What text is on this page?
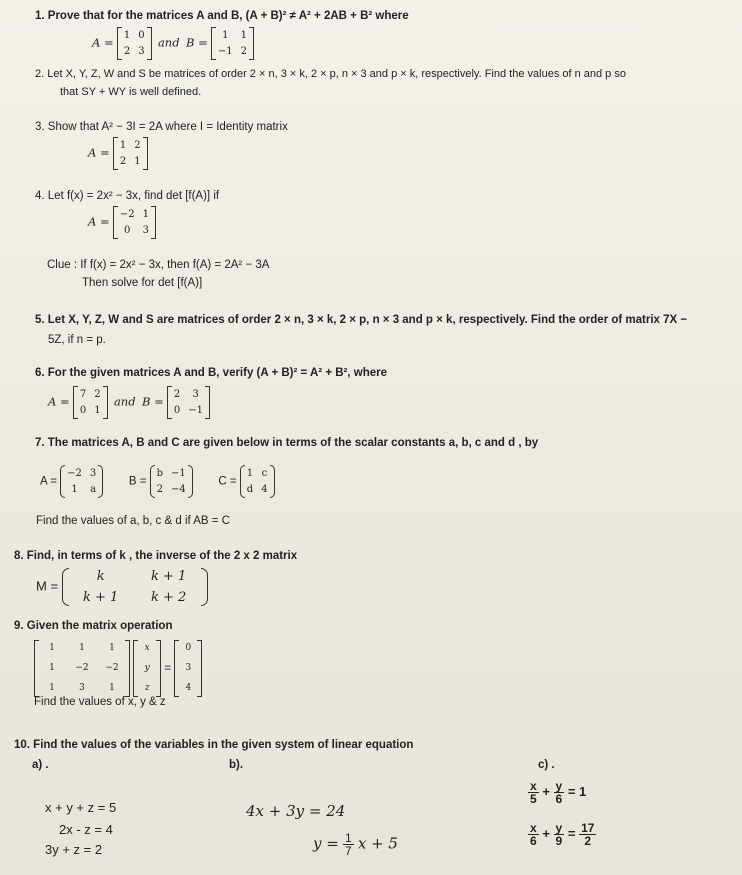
1. Prove that for the matrices A and B, (A + B)² ≠ A² + 2AB + B² where
A =
1 0
2 3
and B =
1	1
−1 2
2. Let X, Y, Z, W and S be matrices of order 2 × n, 3 × k, 2 × p, n × 3 and p × k, respectively. Find the values of n and p so
that SY + WY is well defined.
3. Show that A² − 3I = 2A where I = Identity matrix
A =
1 2
2 1
4. Let f(x) = 2x² − 3x, find det [f(A)] if
A =
−2 1
0	3
Clue : If f(x) = 2x² − 3x, then f(A) = 2A² − 3A
Then solve for det [f(A)]
5. Let X, Y, Z, W and S are matrices of order 2 × n, 3 × k, 2 × p, n × 3 and p × k, respectively. Find the order of matrix 7X −
5Z, if n = p.
6. For the given matrices A and B, verify (A + B)² = A² + B², where
A =
7 2
0 1
and B =
2	3
0 −1
7. The matrices A, B and C are given below in terms of the scalar constants a, b, c and d , by
A =
−2 3
1	a
B =
b −1
2 −4
C =
1 c
d 4
Find the values of a, b, c & d if AB = C
8. Find, in terms of k , the inverse of the 2 x 2 matrix
M =
k	k + 1
k + 1	k + 2
9. Given the matrix operation
1	1	1
1	−2	−2
1	3	1

x
y
z
=
0
3
4
Find the values of x, y & z
10. Find the values of the variables in the given system of linear equation
a) .	b).	c) .
x + y + z = 5
2x - z = 4
3y + z = 2
4x + 3y = 24
$y = \frac{1}{7}$ x + 5
$\frac{x}{5} + \frac{y}{6} = 1$
$\frac{x}{6} + \frac{y}{9} = \frac{17}{2}$
